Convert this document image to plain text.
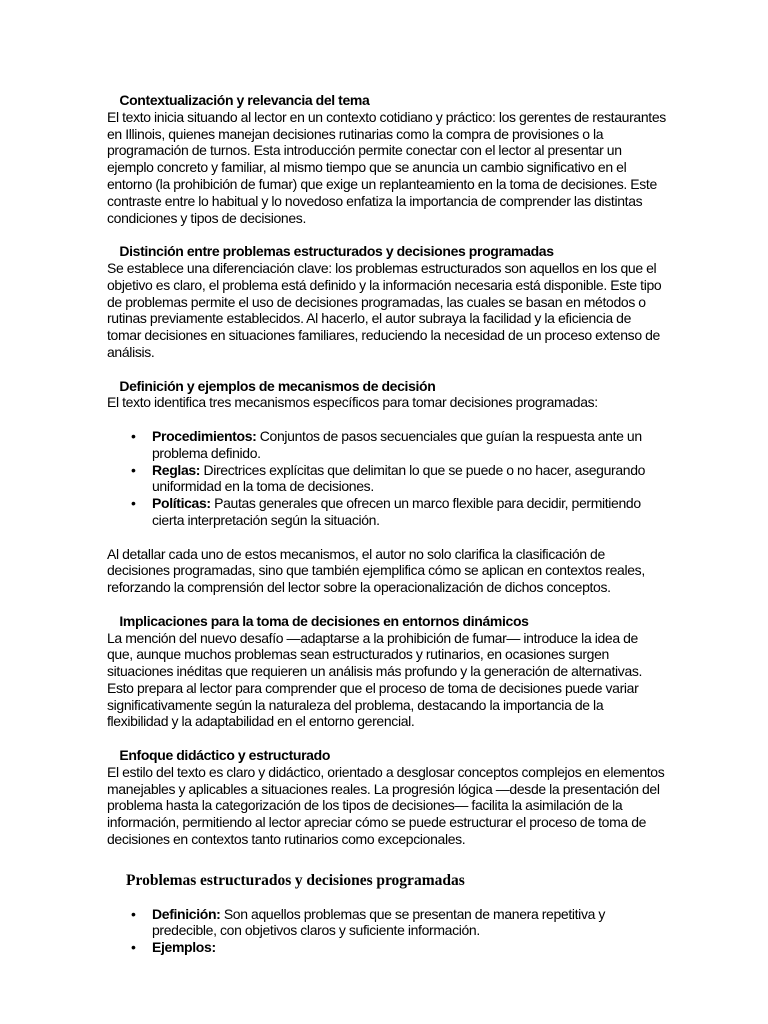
Contextualización y relevancia del tema

El texto inicia situando al lector en un contexto cotidiano y práctico: los gerentes de restaurantes en Illinois, quienes manejan decisiones rutinarias como la compra de provisiones o la programación de turnos. Esta introducción permite conectar con el lector al presentar un ejemplo concreto y familiar, al mismo tiempo que se anuncia un cambio significativo en el entorno (la prohibición de fumar) que exige un replanteamiento en la toma de decisiones. Este contraste entre lo habitual y lo novedoso enfatiza la importancia de comprender las distintas condiciones y tipos de decisiones.

Distinción entre problemas estructurados y decisiones programadas

Se establece una diferenciación clave: los problemas estructurados son aquellos en los que el objetivo es claro, el problema está definido y la información necesaria está disponible. Este tipo de problemas permite el uso de decisiones programadas, las cuales se basan en métodos o rutinas previamente establecidos. Al hacerlo, el autor subraya la facilidad y la eficiencia de tomar decisiones en situaciones familiares, reduciendo la necesidad de un proceso extenso de análisis.

Definición y ejemplos de mecanismos de decisión

El texto identifica tres mecanismos específicos para tomar decisiones programadas:

• Procedimientos: Conjuntos de pasos secuenciales que guían la respuesta ante un problema definido.
• Reglas: Directrices explícitas que delimitan lo que se puede o no hacer, asegurando uniformidad en la toma de decisiones.
• Políticas: Pautas generales que ofrecen un marco flexible para decidir, permitiendo cierta interpretación según la situación.

Al detallar cada uno de estos mecanismos, el autor no solo clarifica la clasificación de decisiones programadas, sino que también ejemplifica cómo se aplican en contextos reales, reforzando la comprensión del lector sobre la operacionalización de dichos conceptos.

Implicaciones para la toma de decisiones en entornos dinámicos

La mención del nuevo desafío —adaptarse a la prohibición de fumar— introduce la idea de que, aunque muchos problemas sean estructurados y rutinarios, en ocasiones surgen situaciones inéditas que requieren un análisis más profundo y la generación de alternativas. Esto prepara al lector para comprender que el proceso de toma de decisiones puede variar significativamente según la naturaleza del problema, destacando la importancia de la flexibilidad y la adaptabilidad en el entorno gerencial.

Enfoque didáctico y estructurado

El estilo del texto es claro y didáctico, orientado a desglosar conceptos complejos en elementos manejables y aplicables a situaciones reales. La progresión lógica —desde la presentación del problema hasta la categorización de los tipos de decisiones— facilita la asimilación de la información, permitiendo al lector apreciar cómo se puede estructurar el proceso de toma de decisiones en contextos tanto rutinarios como excepcionales.

Problemas estructurados y decisiones programadas
• Definición: Son aquellos problemas que se presentan de manera repetitiva y predecible, con objetivos claros y suficiente información.
• Ejemplos:
